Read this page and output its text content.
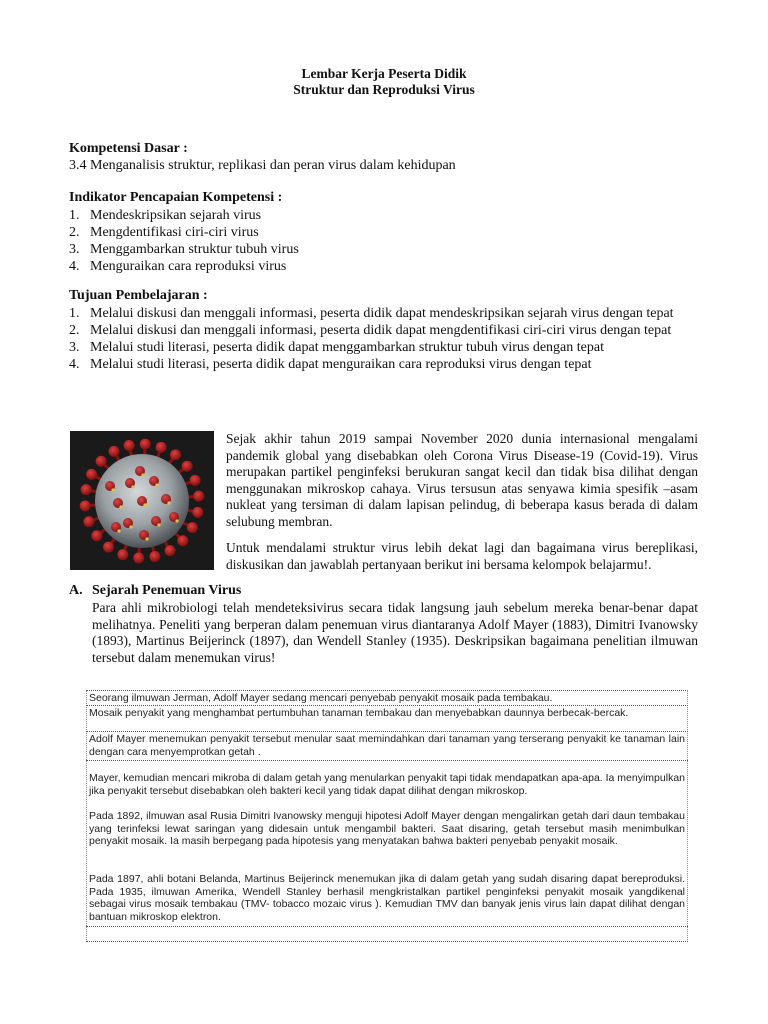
Lembar Kerja Peserta Didik
Struktur dan Reproduksi Virus
Kompetensi Dasar :
3.4 Menganalisis struktur, replikasi dan peran virus dalam kehidupan
Indikator Pencapaian Kompetensi :
1. Mendeskripsikan sejarah virus
2. Mengdentifikasi ciri-ciri virus
3. Menggambarkan struktur tubuh virus
4. Menguraikan cara reproduksi virus
Tujuan Pembelajaran :
1. Melalui diskusi dan menggali informasi, peserta didik dapat mendeskripsikan sejarah virus dengan tepat
2. Melalui diskusi dan menggali informasi, peserta didik dapat mengdentifikasi ciri-ciri virus dengan tepat
3. Melalui studi literasi, peserta didik dapat menggambarkan struktur tubuh virus dengan tepat
4. Melalui studi literasi, peserta didik dapat menguraikan cara reproduksi virus dengan tepat

Sejak akhir tahun 2019 sampai November 2020 dunia internasional mengalami pandemik global yang disebabkan oleh Corona Virus Disease-19 (Covid-19). Virus merupakan partikel penginfeksi berukuran sangat kecil dan tidak bisa dilihat dengan menggunakan mikroskop cahaya. Virus tersusun atas senyawa kimia spesifik –asam nukleat yang tersiman di dalam lapisan pelindug, di beberapa kasus berada di dalam selubung membran.

Untuk mendalami struktur virus lebih dekat lagi dan bagaimana virus bereplikasi, diskusikan dan jawablah pertanyaan berikut ini bersama kelompok belajarmu!.

A. Sejarah Penemuan Virus

Para ahli mikrobiologi telah mendeteksivirus secara tidak langsung jauh sebelum mereka benar-benar dapat melihatnya. Peneliti yang berperan dalam penemuan virus diantaranya Adolf Mayer (1883), Dimitri Ivanowsky (1893), Martinus Beijerinck (1897), dan Wendell Stanley (1935). Deskripsikan bagaimana penelitian ilmuwan tersebut dalam menemukan virus!

Seorang ilmuwan Jerman, Adolf Mayer sedang mencari penyebab penyakit mosaik pada tembakau.
Mosaik penyakit yang menghambat pertumbuhan tanaman tembakau dan menyebabkan daunnya berbecak-bercak.
Adolf Mayer menemukan penyakit tersebut menular saat memindahkan dari tanaman yang terserang penyakit ke tanaman lain dengan cara menyemprotkan getah .
Mayer, kemudian mencari mikroba di dalam getah yang menularkan penyakit tapi tidak mendapatkan apa-apa. Ia menyimpulkan jika penyakit tersebut disebabkan oleh bakteri kecil yang tidak dapat dilihat dengan mikroskop.
Pada 1892, ilmuwan asal Rusia Dimitri Ivanowsky menguji hipotesi Adolf Mayer dengan mengalirkan getah dari daun tembakau yang terinfeksi lewat saringan yang didesain untuk mengambil bakteri. Saat disaring, getah tersebut masih menimbulkan penyakit mosaik. Ia masih berpegang pada hipotesis yang menyatakan bahwa bakteri penyebab penyakit mosaik.
Pada 1897, ahli botani Belanda, Martinus Beijerinck menemukan jika di dalam getah yang sudah disaring dapat bereproduksi. Pada 1935, ilmuwan Amerika, Wendell Stanley berhasil mengkristalkan partikel penginfeksi penyakit mosaik yangdikenal sebagai virus mosaik tembakau (TMV- tobacco mozaic virus ). Kemudian TMV dan banyak jenis virus lain dapat dilihat dengan bantuan mikroskop elektron.
